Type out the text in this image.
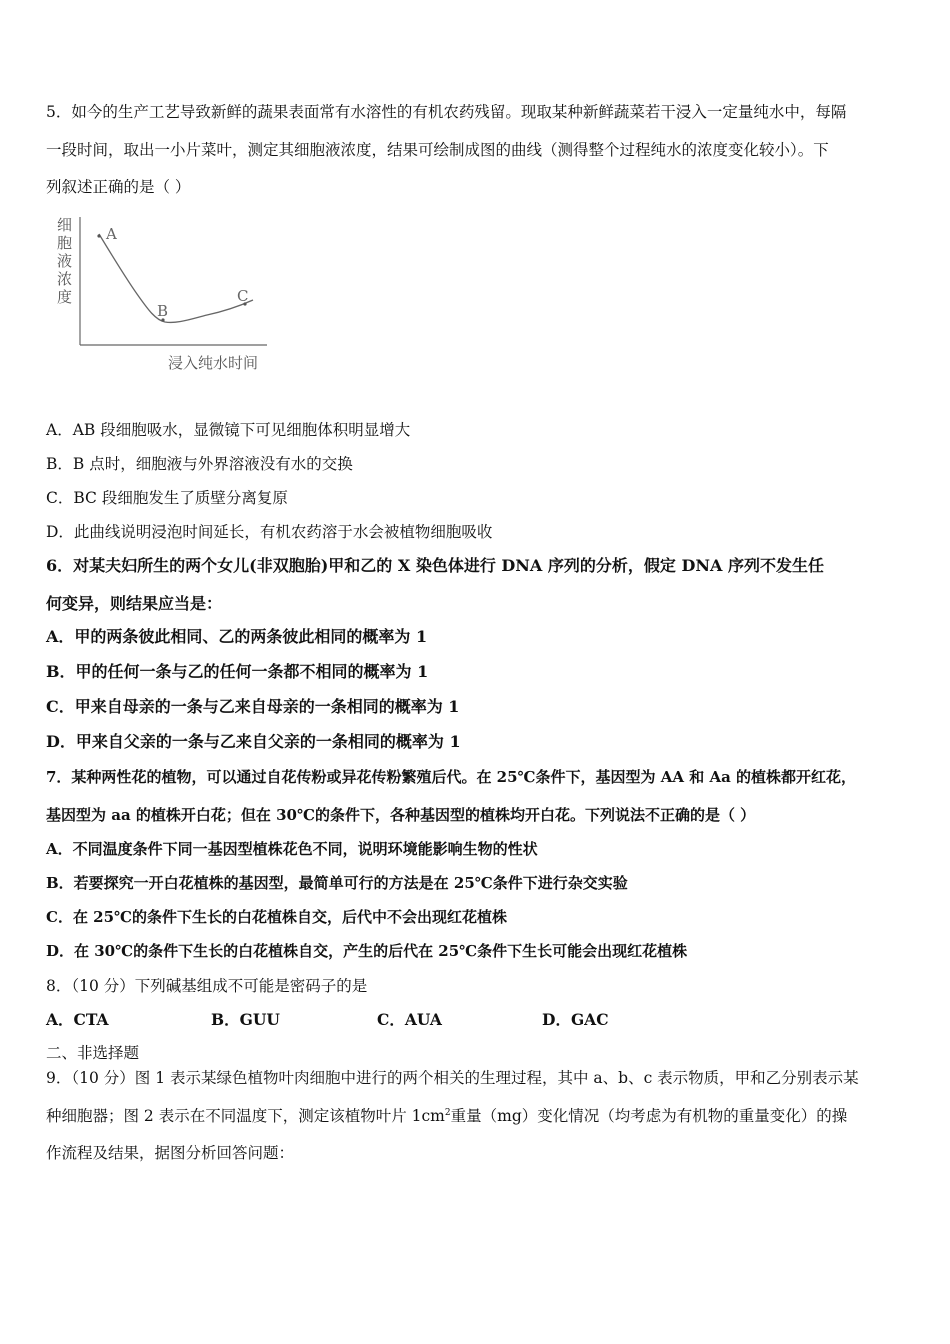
5．如今的生产工艺导致新鲜的蔬果表面常有水溶性的有机农药残留。现取某种新鲜蔬菜若干浸入一定量纯水中，每隔
一段时间，取出一小片菜叶，测定其细胞液浓度，结果可绘制成图的曲线（测得整个过程纯水的浓度变化较小）。下
列叙述正确的是（ ）
细
胞
液
浓
度
A
B
C
浸入纯水时间
A．AB 段细胞吸水，显微镜下可见细胞体积明显增大
B．B 点时，细胞液与外界溶液没有水的交换
C．BC 段细胞发生了质壁分离复原
D．此曲线说明浸泡时间延长，有机农药溶于水会被植物细胞吸收
6．对某夫妇所生的两个女儿(非双胞胎)甲和乙的 X 染色体进行 DNA 序列的分析，假定 DNA 序列不发生任
何变异，则结果应当是：
A．甲的两条彼此相同、乙的两条彼此相同的概率为 1
B．甲的任何一条与乙的任何一条都不相同的概率为 1
C．甲来自母亲的一条与乙来自母亲的一条相同的概率为 1
D．甲来自父亲的一条与乙来自父亲的一条相同的概率为 1
7．某种两性花的植物，可以通过自花传粉或异花传粉繁殖后代。在 25℃条件下，基因型为 AA 和 Aa 的植株都开红花，
基因型为 aa 的植株开白花；但在 30℃的条件下，各种基因型的植株均开白花。下列说法不正确的是（ ）
A．不同温度条件下同一基因型植株花色不同，说明环境能影响生物的性状
B．若要探究一开白花植株的基因型，最简单可行的方法是在 25℃条件下进行杂交实验
C．在 25℃的条件下生长的白花植株自交，后代中不会出现红花植株
D．在 30℃的条件下生长的白花植株自交，产生的后代在 25℃条件下生长可能会出现红花植株
8．（10 分）下列碱基组成不可能是密码子的是
A．CTA	B．GUU	C．AUA	D．GAC
二、非选择题
9．（10 分）图 1 表示某绿色植物叶肉细胞中进行的两个相关的生理过程，其中 a、b、c 表示物质，甲和乙分别表示某
种细胞器；图 2 表示在不同温度下，测定该植物叶片 $1cm^2$重量（mg）变化情况（均考虑为有机物的重量变化）的操
作流程及结果，据图分析回答问题：
